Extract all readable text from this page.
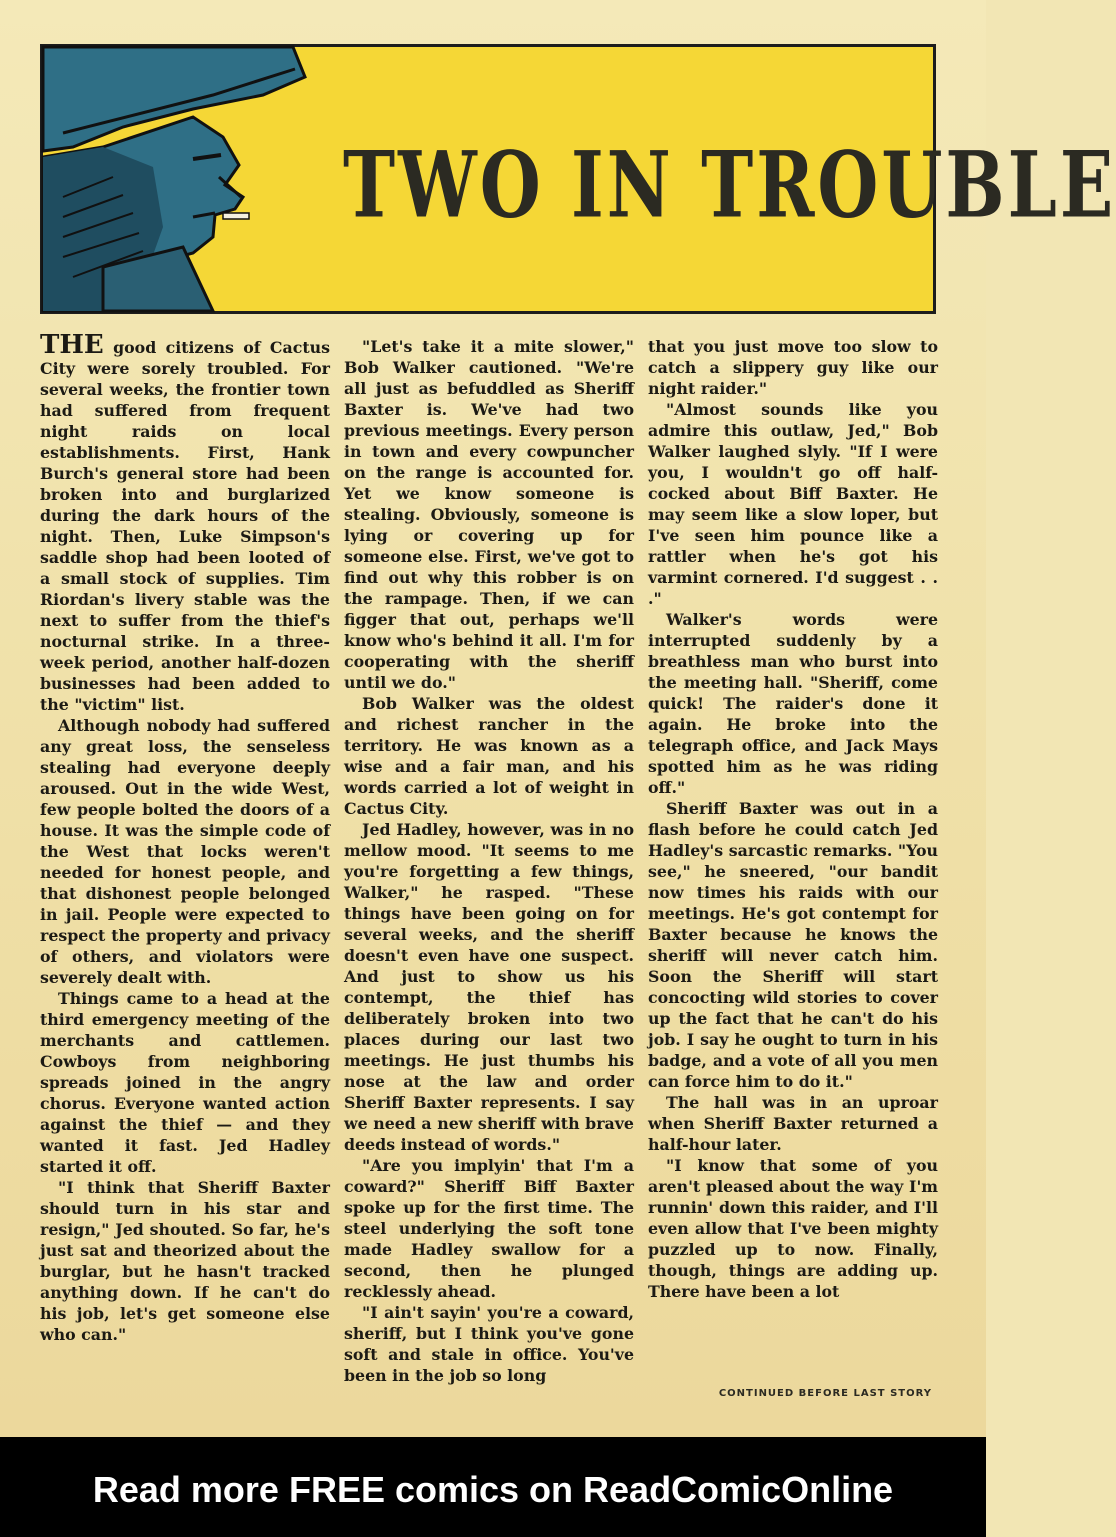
TWO IN TROUBLE

THE good citizens of Cactus City were sorely troubled. For several weeks, the frontier town had suffered from frequent night raids on local establishments. First, Hank Burch's general store had been broken into and burglarized during the dark hours of the night. Then, Luke Simpson's saddle shop had been looted of a small stock of supplies. Tim Riordan's livery stable was the next to suffer from the thief's nocturnal strike. In a three-week period, another half-dozen businesses had been added to the "victim" list.

Although nobody had suffered any great loss, the senseless stealing had everyone deeply aroused. Out in the wide West, few people bolted the doors of a house. It was the simple code of the West that locks weren't needed for honest people, and that dishonest people belonged in jail. People were expected to respect the property and privacy of others, and violators were severely dealt with.

Things came to a head at the third emergency meeting of the merchants and cattlemen. Cowboys from neighboring spreads joined in the angry chorus. Everyone wanted action against the thief — and they wanted it fast. Jed Hadley started it off.

"I think that Sheriff Baxter should turn in his star and resign," Jed shouted. So far, he's just sat and theorized about the burglar, but he hasn't tracked anything down. If he can't do his job, let's get someone else who can."

"Let's take it a mite slower," Bob Walker cautioned. "We're all just as befuddled as Sheriff Baxter is. We've had two previous meetings. Every person in town and every cowpuncher on the range is accounted for. Yet we know someone is stealing. Obviously, someone is lying or covering up for someone else. First, we've got to find out why this robber is on the rampage. Then, if we can figger that out, perhaps we'll know who's behind it all. I'm for cooperating with the sheriff until we do."

Bob Walker was the oldest and richest rancher in the territory. He was known as a wise and a fair man, and his words carried a lot of weight in Cactus City.

Jed Hadley, however, was in no mellow mood. "It seems to me you're forgetting a few things, Walker," he rasped. "These things have been going on for several weeks, and the sheriff doesn't even have one suspect. And just to show us his contempt, the thief has deliberately broken into two places during our last two meetings. He just thumbs his nose at the law and order Sheriff Baxter represents. I say we need a new sheriff with brave deeds instead of words."

"Are you implyin' that I'm a coward?" Sheriff Biff Baxter spoke up for the first time. The steel underlying the soft tone made Hadley swallow for a second, then he plunged recklessly ahead.

"I ain't sayin' you're a coward, sheriff, but I think you've gone soft and stale in office. You've been in the job so long

that you just move too slow to catch a slippery guy like our night raider."

"Almost sounds like you admire this outlaw, Jed," Bob Walker laughed slyly. "If I were you, I wouldn't go off half-cocked about Biff Baxter. He may seem like a slow loper, but I've seen him pounce like a rattler when he's got his varmint cornered. I'd suggest . . ."

Walker's words were interrupted suddenly by a breathless man who burst into the meeting hall. "Sheriff, come quick! The raider's done it again. He broke into the telegraph office, and Jack Mays spotted him as he was riding off."

Sheriff Baxter was out in a flash before he could catch Jed Hadley's sarcastic remarks. "You see," he sneered, "our bandit now times his raids with our meetings. He's got contempt for Baxter because he knows the sheriff will never catch him. Soon the Sheriff will start concocting wild stories to cover up the fact that he can't do his job. I say he ought to turn in his badge, and a vote of all you men can force him to do it."

The hall was in an uproar when Sheriff Baxter returned a half-hour later.

"I know that some of you aren't pleased about the way I'm runnin' down this raider, and I'll even allow that I've been mighty puzzled up to now. Finally, though, things are adding up. There have been a lot

CONTINUED BEFORE LAST STORY
Read more FREE comics on ReadComicOnline
